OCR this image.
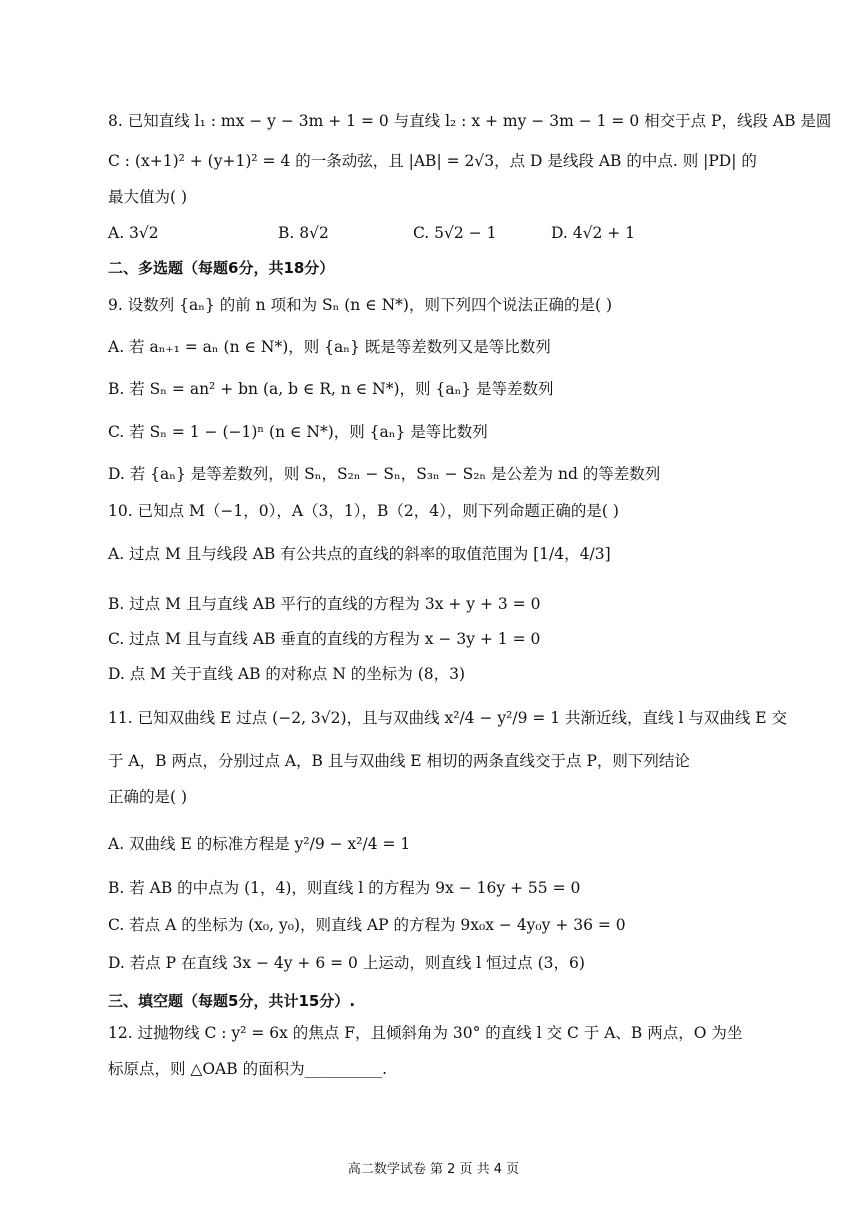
8. 已知直线 l₁ : mx − y − 3m + 1 = 0 与直线 l₂ : x + my − 3m − 1 = 0 相交于点 P，线段 AB 是圆
C : (x+1)² + (y+1)² = 4 的一条动弦，且 |AB| = 2√3，点 D 是线段 AB 的中点. 则 |PD| 的
最大值为( )
A. 3√2	B. 8√2	C. 5√2 − 1	D. 4√2 + 1
二、多选题（每题6分，共18分）
9. 设数列 {aₙ} 的前 n 项和为 Sₙ (n ∈ N*)，则下列四个说法正确的是( )
A. 若 aₙ₊₁ = aₙ (n ∈ N*)，则 {aₙ} 既是等差数列又是等比数列
B. 若 Sₙ = an² + bn (a, b ∈ R, n ∈ N*)，则 {aₙ} 是等差数列
C. 若 Sₙ = 1 − (−1)ⁿ (n ∈ N*)，则 {aₙ} 是等比数列
D. 若 {aₙ} 是等差数列，则 Sₙ，S₂ₙ − Sₙ，S₃ₙ − S₂ₙ 是公差为 nd 的等差数列
10. 已知点 M（−1，0），A（3，1），B（2，4），则下列命题正确的是( )
A. 过点 M 且与线段 AB 有公共点的直线的斜率的取值范围为 [1/4，4/3]
B. 过点 M 且与直线 AB 平行的直线的方程为 3x + y + 3 = 0
C. 过点 M 且与直线 AB 垂直的直线的方程为 x − 3y + 1 = 0
D. 点 M 关于直线 AB 的对称点 N 的坐标为 (8，3)
11. 已知双曲线 E 过点 (−2, 3√2)，且与双曲线 x²/4 − y²/9 = 1 共渐近线，直线 l 与双曲线 E 交
于 A，B 两点，分别过点 A，B 且与双曲线 E 相切的两条直线交于点 P，则下列结论
正确的是( )
A. 双曲线 E 的标准方程是 y²/9 − x²/4 = 1
B. 若 AB 的中点为 (1，4)，则直线 l 的方程为 9x − 16y + 55 = 0
C. 若点 A 的坐标为 (x₀, y₀)，则直线 AP 的方程为 9x₀x − 4y₀y + 36 = 0
D. 若点 P 在直线 3x − 4y + 6 = 0 上运动，则直线 l 恒过点 (3，6)
三、填空题（每题5分，共计15分）.
12. 过抛物线 C : y² = 6x 的焦点 F，且倾斜角为 30° 的直线 l 交 C 于 A、B 两点，O 为坐
标原点，则 △OAB 的面积为__________.
高二数学试卷 第 2 页 共 4 页
